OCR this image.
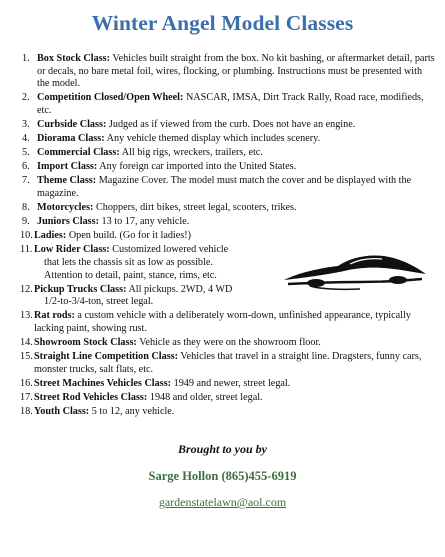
Winter Angel Model Classes
1. Box Stock Class: Vehicles built straight from the box. No kit bashing, or aftermarket detail, parts or decals, no bare metal foil, wires, flocking, or plumbing. Instructions must be presented with the model.
2. Competition Closed/Open Wheel: NASCAR, IMSA, Dirt Track Rally, Road race, modifieds, etc.
3. Curbside Class: Judged as if viewed from the curb. Does not have an engine.
4. Diorama Class: Any vehicle themed display which includes scenery.
5. Commercial Class: All big rigs, wreckers, trailers, etc.
6. Import Class: Any foreign car imported into the United States.
7. Theme Class: Magazine Cover. The model must match the cover and be displayed with the magazine.
8. Motorcycles: Choppers, dirt bikes, street legal, scooters, trikes.
9. Juniors Class: 13 to 17, any vehicle.
10. Ladies: Open build. (Go for it ladies!)
11. Low Rider Class: Customized lowered vehicle
that lets the chassis sit as low as possible.
Attention to detail, paint, stance, rims, etc.
12. Pickup Trucks Class: All pickups. 2WD, 4 WD
1/2-to-3/4-ton, street legal.
13. Rat rods: a custom vehicle with a deliberately worn-down, unfinished appearance, typically lacking paint, showing rust.
14. Showroom Stock Class: Vehicle as they were on the showroom floor.
15. Straight Line Competition Class: Vehicles that travel in a straight line. Dragsters, funny cars, monster trucks, salt flats, etc.
16. Street Machines Vehicles Class: 1949 and newer, street legal.
17. Street Rod Vehicles Class: 1948 and older, street legal.
18. Youth Class: 5 to 12, any vehicle.
Brought to you by
Sarge Hollon (865)455-6919
gardenstatelawn@aol.com
